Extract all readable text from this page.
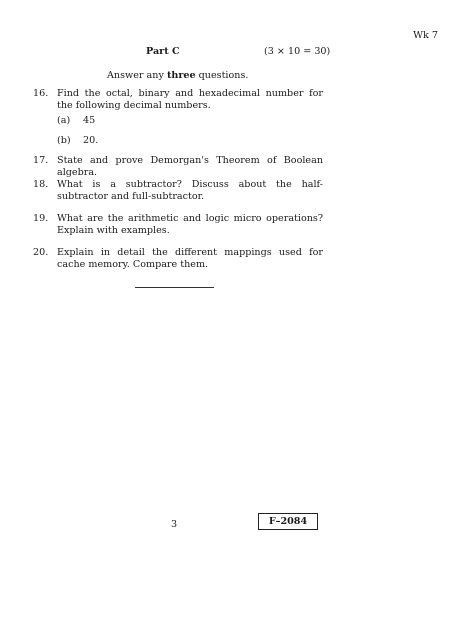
Wk 7
Part C	(3 × 10 = 30)
Answer any three questions.
16. Find the octal, binary and hexadecimal number for the following decimal numbers.
(a) 45
(b) 20.
17. State and prove Demorgan's Theorem of Boolean algebra.
18. What is a subtractor? Discuss about the half-subtractor and full-subtractor.
19. What are the arithmetic and logic micro operations? Explain with examples.
20. Explain in detail the different mappings used for cache memory. Compare them.
3	F–2084
